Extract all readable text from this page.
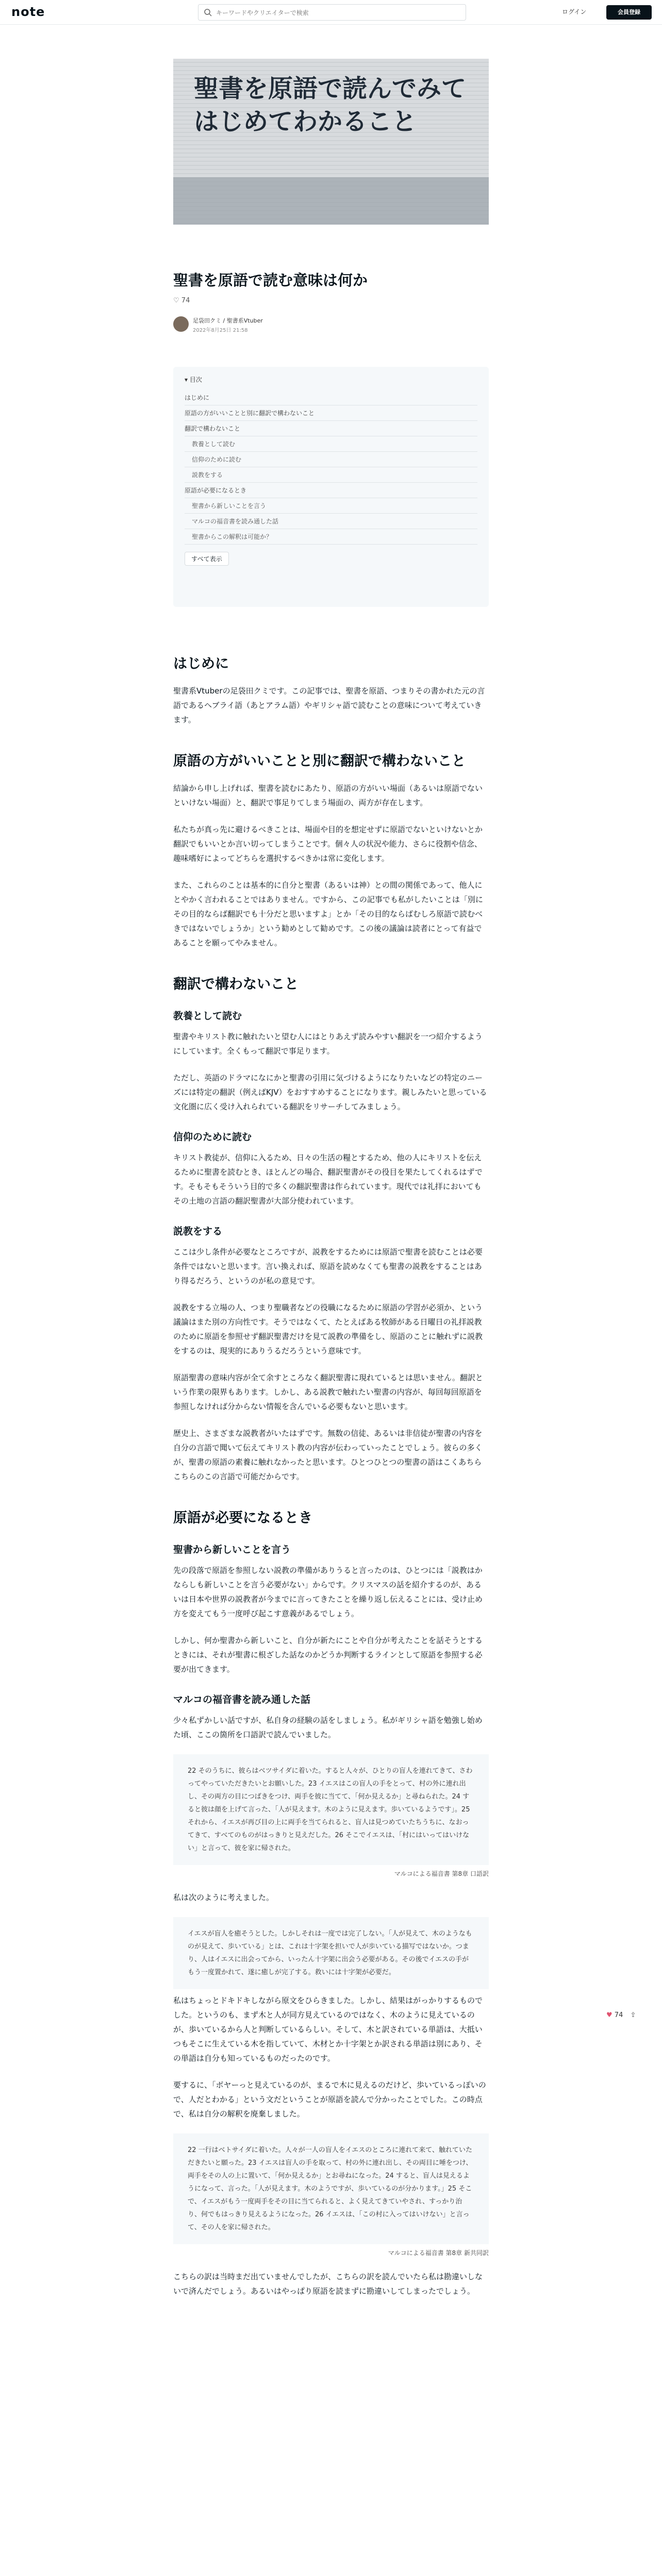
note
キーワードやクリエイターで検索	ログイン	会員登録
聖書を原語で読んでみてはじめてわかること
聖書を原語で読む意味は何か
♡ 74
足袋田クミ / 聖書系Vtuber
2022年8月25日 21:58
▾ 目次
はじめに
原語の方がいいことと別に翻訳で構わないこと
翻訳で構わないこと
教養として読む
信仰のために読む
説教をする
原語が必要になるとき
聖書から新しいことを言う
マルコの福音書を読み通した話
聖書からこの解釈は可能か？
すべて表示
はじめに

聖書系Vtuberの足袋田クミです。この記事では、聖書を原語、つまりその書かれた元の言語であるヘブライ語（あとアラム語）やギリシャ語で読むことの意味について考えていきます。

原語の方がいいことと別に翻訳で構わないこと

結論から申し上げれば、聖書を読むにあたり、原語の方がいい場面（あるいは原語でないといけない場面）と、翻訳で事足りてしまう場面の、両方が存在します。

私たちが真っ先に避けるべきことは、場面や目的を想定せずに原語でないといけないとか翻訳でもいいとか言い切ってしまうことです。個々人の状況や能力、さらに役割や信念、趣味嗜好によってどちらを選択するべきかは常に変化します。

また、これらのことは基本的に自分と聖書（あるいは神）との間の関係であって、他人にとやかく言われることではありません。ですから、この記事でも私がしたいことは「別にその目的ならば翻訳でも十分だと思いますよ」とか「その目的ならばむしろ原語で読むべきではないでしょうか」という勧めとして勧めです。この後の議論は読者にとって有益であることを願ってやみません。

翻訳で構わないこと
教養として読む

聖書やキリスト教に触れたいと望む人にはとりあえず読みやすい翻訳を一つ紹介するようにしています。全くもって翻訳で事足ります。

ただし、英語のドラマになにかと聖書の引用に気づけるようになりたいなどの特定のニーズには特定の翻訳（例えばKJV）をおすすめすることになります。親しみたいと思っている文化圏に広く受け入れられている翻訳をリサーチしてみましょう。

信仰のために読む

キリスト教徒が、信仰に入るため、日々の生活の糧とするため、他の人にキリストを伝えるために聖書を読むとき、ほとんどの場合、翻訳聖書がその役目を果たしてくれるはずです。そもそもそういう目的で多くの翻訳聖書は作られています。現代では礼拝においてもその土地の言語の翻訳聖書が大部分使われています。

説教をする

ここは少し条件が必要なところですが、説教をするためには原語で聖書を読むことは必要条件ではないと思います。言い換えれば、原語を読めなくても聖書の説教をすることはあり得るだろう、というのが私の意見です。

説教をする立場の人、つまり聖職者などの役職になるために原語の学習が必須か、という議論はまた別の方向性です。そうではなくて、たとえばある牧師がある日曜日の礼拝説教のために原語を参照せず翻訳聖書だけを見て説教の準備をし、原語のことに触れずに説教をするのは、現実的にありうるだろうという意味です。

原語聖書の意味内容が全て余すところなく翻訳聖書に現れているとは思いません。翻訳という作業の限界もあります。しかし、ある説教で触れたい聖書の内容が、毎回毎回原語を参照しなければ分からない情報を含んでいる必要もないと思います。

歴史上、さまざまな説教者がいたはずです。無数の信徒、あるいは非信徒が聖書の内容を自分の言語で聞いて伝えてキリスト教の内容が伝わっていったことでしょう。彼らの多くが、聖書の原語の素養に触れなかったと思います。ひとつひとつの聖書の語はこくあちらこちらのこの言語で可能だからです。

原語が必要になるとき
聖書から新しいことを言う

先の段落で原語を参照しない説教の準備がありうると言ったのは、ひとつには「説教はかならしも新しいことを言う必要がない」からです。クリスマスの話を紹介するのが、あるいは日本や世界の説教者が今までに言ってきたことを繰り返し伝えることには、受け止め方を変えてもう一度呼び起こす意義があるでしょう。

しかし、何か聖書から新しいこと、自分が新たにことや自分が考えたことを話そうとするときには、それが聖書に根ざした話なのかどうか判断するラインとして原語を参照する必要が出てきます。

マルコの福音書を読み通した話

少々私ずかしい話ですが、私自身の経験の話をしましょう。私がギリシャ語を勉強し始めた頃、ここの箇所を口語訳で読んでいました。

22 そのうちに、彼らはベツサイダに着いた。すると人々が、ひとりの盲人を連れてきて、さわってやっていただきたいとお願いした。23 イエスはこの盲人の手をとって、村の外に連れ出し、その両方の目につばきをつけ、両手を彼に当てて、「何か見えるか」と尋ねられた。24 すると彼は顔を上げて言った、「人が見えます。木のように見えます。歩いているようです」。25 それから、イエスが再び目の上に両手を当てられると、盲人は見つめていたちうちに、なおってきて、すべてのものがはっきりと見えだした。26 そこでイエスは、「村にはいってはいけない」と言って、彼を家に帰された。
マルコによる福音書 第8章 口語訳

私は次のように考えました。

イエスが盲人を癒そうとした。しかしそれは一度では完了しない。「人が見えて、木のようなものが見えて、歩いている」とは、これは十字架を担いで人が歩いている描写ではないか。つまり、人はイエスに出会ってから、いったん十字架に出会う必要がある。その後でイエスの手がもう一度置かれて、遂に癒しが完了する。救いには十字架が必要だ。

私はちょっとドキドキしながら原文をひらきました。しかし、結果はがっかりするものでした。というのも、まず木と人が同方見えているのではなく、木のように見えているのが、歩いているから人と判断しているらしい。そして、木と訳されている単語は、大抵いつもそこに生えている木を指していて、木材とか十字架とか訳される単語は別にあり、その単語は自分も知っているものだったのです。

要するに、「ボヤーっと見えているのが、まるで木に見えるのだけど、歩いているっぽいので、人だとわかる」という文だということが原語を読んで分かったことでした。この時点で、私は自分の解釈を廃棄しました。

22 一行はベトサイダに着いた。人々が一人の盲人をイエスのところに連れて来て、触れていただきたいと願った。23 イエスは盲人の手を取って、村の外に連れ出し、その両目に唾をつけ、両手をその人の上に置いて、「何か見えるか」とお尋ねになった。24 すると、盲人は見えるようになって、言った。「人が見えます。木のようですが、歩いているのが分かります。」25 そこで、イエスがもう一度両手をその目に当てられると、よく見えてきていやされ、すっかり治り、何でもはっきり見えるようになった。26 イエスは、「この村に入ってはいけない」と言って、その人を家に帰された。
マルコによる福音書 第8章 新共同訳

こちらの訳は当時まだ出ていませんでしたが、こちらの訳を読んでいたら私は勘違いしないで済んだでしょう。あるいはやっぱり原語を読まずに勘違いしてしまったでしょう。

♥ 74 ⇪
